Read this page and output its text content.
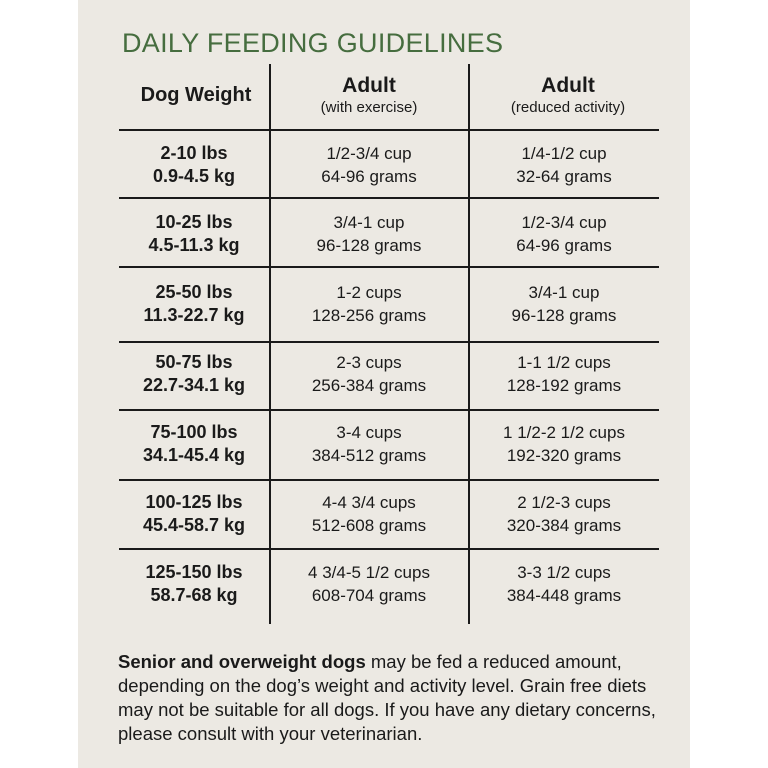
DAILY FEEDING GUIDELINES
Dog Weight	Adult
(with exercise)
Adult
(reduced activity)
2-10 lbs
0.9-4.5 kg
1/2-3/4 cup
64-96 grams
1/4-1/2 cup
32-64 grams
10-25 lbs
4.5-11.3 kg
3/4-1 cup
96-128 grams
1/2-3/4 cup
64-96 grams
25-50 lbs
11.3-22.7 kg
1-2 cups
128-256 grams
3/4-1 cup
96-128 grams
50-75 lbs
22.7-34.1 kg
2-3 cups
256-384 grams
1-1 1/2 cups
128-192 grams
75-100 lbs
34.1-45.4 kg
3-4 cups
384-512 grams
1 1/2-2 1/2 cups
192-320 grams
100-125 lbs
45.4-58.7 kg
4-4 3/4 cups
512-608 grams
2 1/2-3 cups
320-384 grams
125-150 lbs
58.7-68 kg
4 3/4-5 1/2 cups
608-704 grams
3-3 1/2 cups
384-448 grams
Senior and overweight dogs may be fed a reduced amount, depending on the dog’s weight and activity level. Grain free diets may not be suitable for all dogs. If you have any dietary concerns, please consult with your veterinarian.
